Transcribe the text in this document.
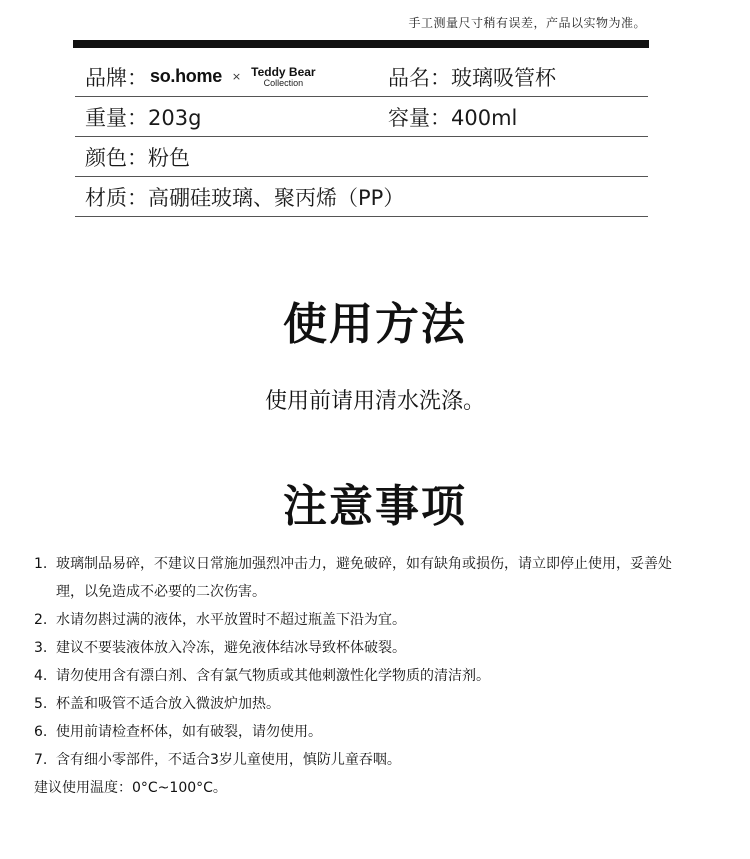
手工测量尺寸稍有误差，产品以实物为准。
品牌： so.home × Teddy Bear
Collection	品名：玻璃吸管杯
重量：203g	容量：400ml
颜色：粉色
材质：高硼硅玻璃、聚丙烯（PP）
使用方法
使用前请用清水洗涤。
注意事项
1. 玻璃制品易碎，不建议日常施加强烈冲击力，避免破碎，如有缺角或损伤，请立即停止使用，妥善处理，以免造成不必要的二次伤害。
2. 水请勿斟过满的液体，水平放置时不超过瓶盖下沿为宜。
3. 建议不要装液体放入冷冻，避免液体结冰导致杯体破裂。
4. 请勿使用含有漂白剂、含有氯气物质或其他刺激性化学物质的清洁剂。
5. 杯盖和吸管不适合放入微波炉加热。
6. 使用前请检查杯体，如有破裂，请勿使用。
7. 含有细小零部件，不适合3岁儿童使用，慎防儿童吞咽。
建议使用温度：0°C~100°C。
